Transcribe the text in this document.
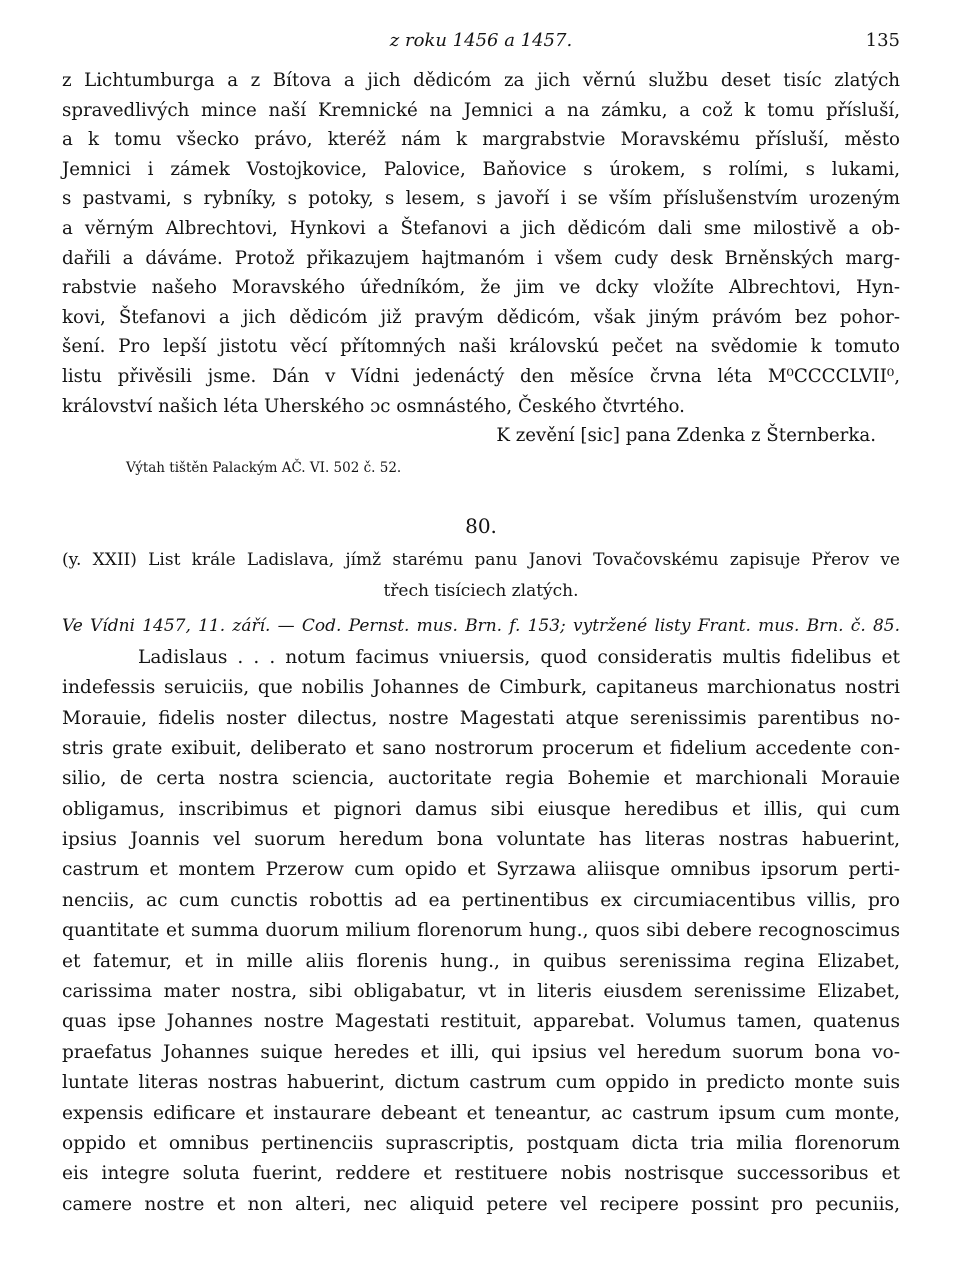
z roku 1456 a 1457.	135
z Lichtumburga a z Bítova a jich dědicóm za jich věrnú službu deset tisíc zlatých
spravedlivých mince naší Kremnické na Jemnici a na zámku, a což k tomu přísluší,
a k tomu všecko právo, kteréž nám k margrabstvie Moravskému přísluší, město
Jemnici i zámek Vostojkovice, Palovice, Baňovice s úrokem, s rolími, s lukami,
s pastvami, s rybníky, s potoky, s lesem, s javoří i se vším příslušenstvím urozeným
a věrným Albrechtovi, Hynkovi a Štefanovi a jich dědicóm dali sme milostivě a ob-
dařili a dáváme. Protož přikazujem hajtmanóm i všem cudy desk Brněnských marg-
rabstvie našeho Moravského úředníkóm, že jim ve dcky vložíte Albrechtovi, Hyn-
kovi, Štefanovi a jich dědicóm již pravým dědicóm, však jiným právóm bez pohor-
šení. Pro lepší jistotu věcí přítomných naši královskú pečet na svědomie k tomuto
listu přivěsili jsme. Dán v Vídni jedenáctý den měsíce črvna léta M⁰CCCCLVII⁰,
království našich léta Uherského ɔc osmnástého, Českého čtvrtého.
K zevění [sic] pana Zdenka z Šternberka.
Výtah tištěn Palackým AČ. VI. 502 č. 52.
80.
(y. XXII) List krále Ladislava, jímž starému panu Janovi Tovačovskému zapisuje Přerov ve
třech tisíciech zlatých.
Ve Vídni 1457, 11. září. — Cod. Pernst. mus. Brn. f. 153; vytržené listy Frant. mus. Brn. č. 85.
Ladislaus . . . notum facimus vniuersis, quod consideratis multis fidelibus et
indefessis seruiciis, que nobilis Johannes de Cimburk, capitaneus marchionatus nostri
Morauie, fidelis noster dilectus, nostre Magestati atque serenissimis parentibus no-
stris grate exibuit, deliberato et sano nostrorum procerum et fidelium accedente con-
silio, de certa nostra sciencia, auctoritate regia Bohemie et marchionali Morauie
obligamus, inscribimus et pignori damus sibi eiusque heredibus et illis, qui cum
ipsius Joannis vel suorum heredum bona voluntate has literas nostras habuerint,
castrum et montem Przerow cum opido et Syrzawa aliisque omnibus ipsorum perti-
nenciis, ac cum cunctis robottis ad ea pertinentibus ex circumiacentibus villis, pro
quantitate et summa duorum milium florenorum hung., quos sibi debere recognoscimus
et fatemur, et in mille aliis florenis hung., in quibus serenissima regina Elizabet,
carissima mater nostra, sibi obligabatur, vt in literis eiusdem serenissime Elizabet,
quas ipse Johannes nostre Magestati restituit, apparebat. Volumus tamen, quatenus
praefatus Johannes suique heredes et illi, qui ipsius vel heredum suorum bona vo-
luntate literas nostras habuerint, dictum castrum cum oppido in predicto monte suis
expensis edificare et instaurare debeant et teneantur, ac castrum ipsum cum monte,
oppido et omnibus pertinenciis suprascriptis, postquam dicta tria milia florenorum
eis integre soluta fuerint, reddere et restituere nobis nostrisque successoribus et
camere nostre et non alteri, nec aliquid petere vel recipere possint pro pecuniis,
